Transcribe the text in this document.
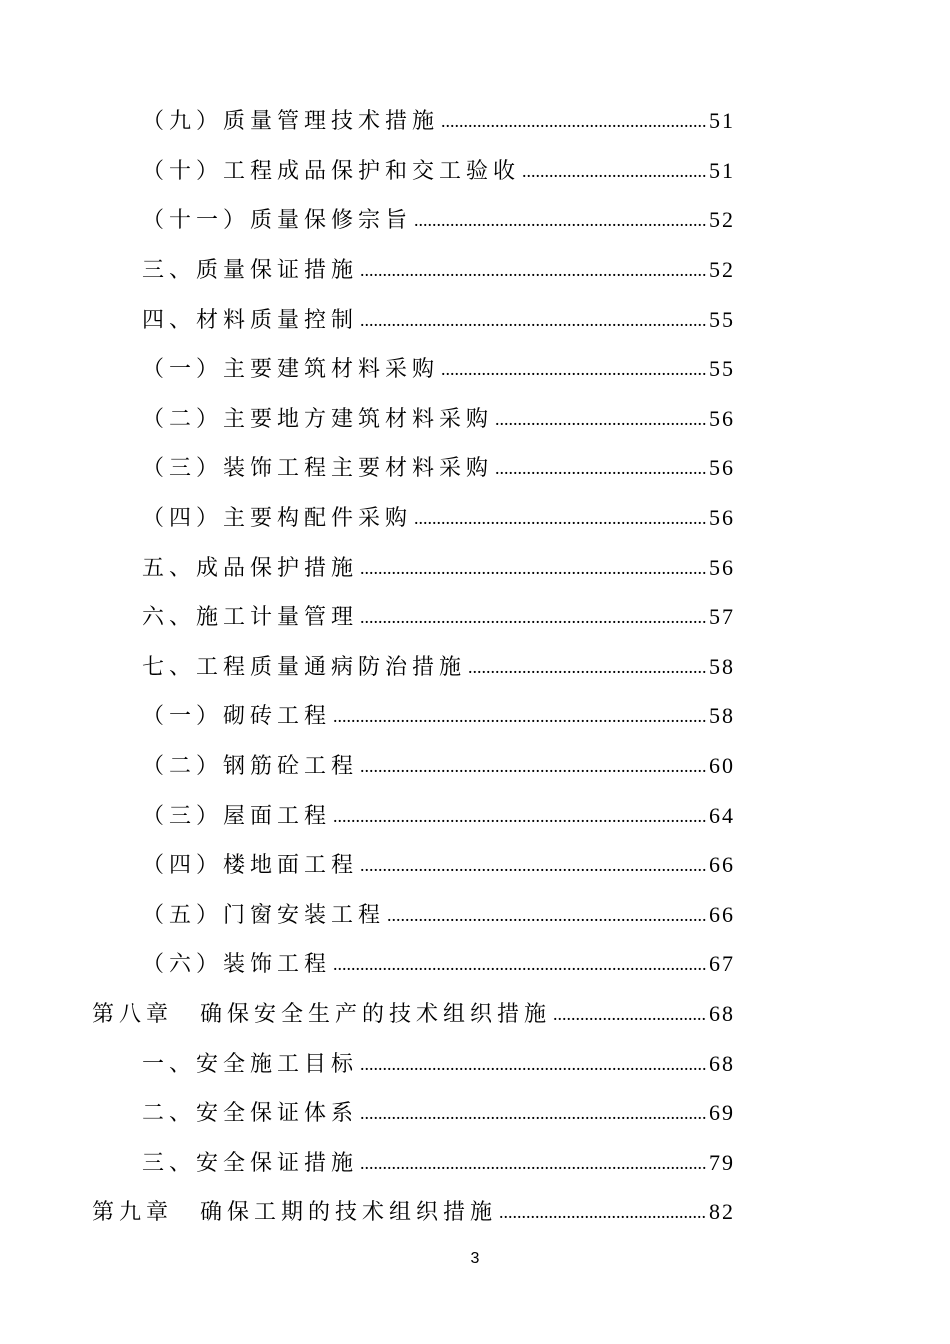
（九）质量管理技术措施 .....	51
（十）工程成品保护和交工验收 .....	51
（十一）质量保修宗旨 .....	52
三、质量保证措施 .....	52
四、材料质量控制 .....	55
（一）主要建筑材料采购 .....	55
（二）主要地方建筑材料采购 .....	56
（三）装饰工程主要材料采购 .....	56
（四）主要构配件采购 .....	56
五、成品保护措施 .....	56
六、施工计量管理 .....	57
七、工程质量通病防治措施 .....	58
（一）砌砖工程 .....	58
（二）钢筋砼工程 .....	60
（三）屋面工程 .....	64
（四）楼地面工程 .....	66
（五）门窗安装工程 .....	66
（六）装饰工程 .....	67
第八章　确保安全生产的技术组织措施 .....	68
一、安全施工目标 .....	68
二、安全保证体系 .....	69
三、安全保证措施 .....	79
第九章　确保工期的技术组织措施 .....	82
3
